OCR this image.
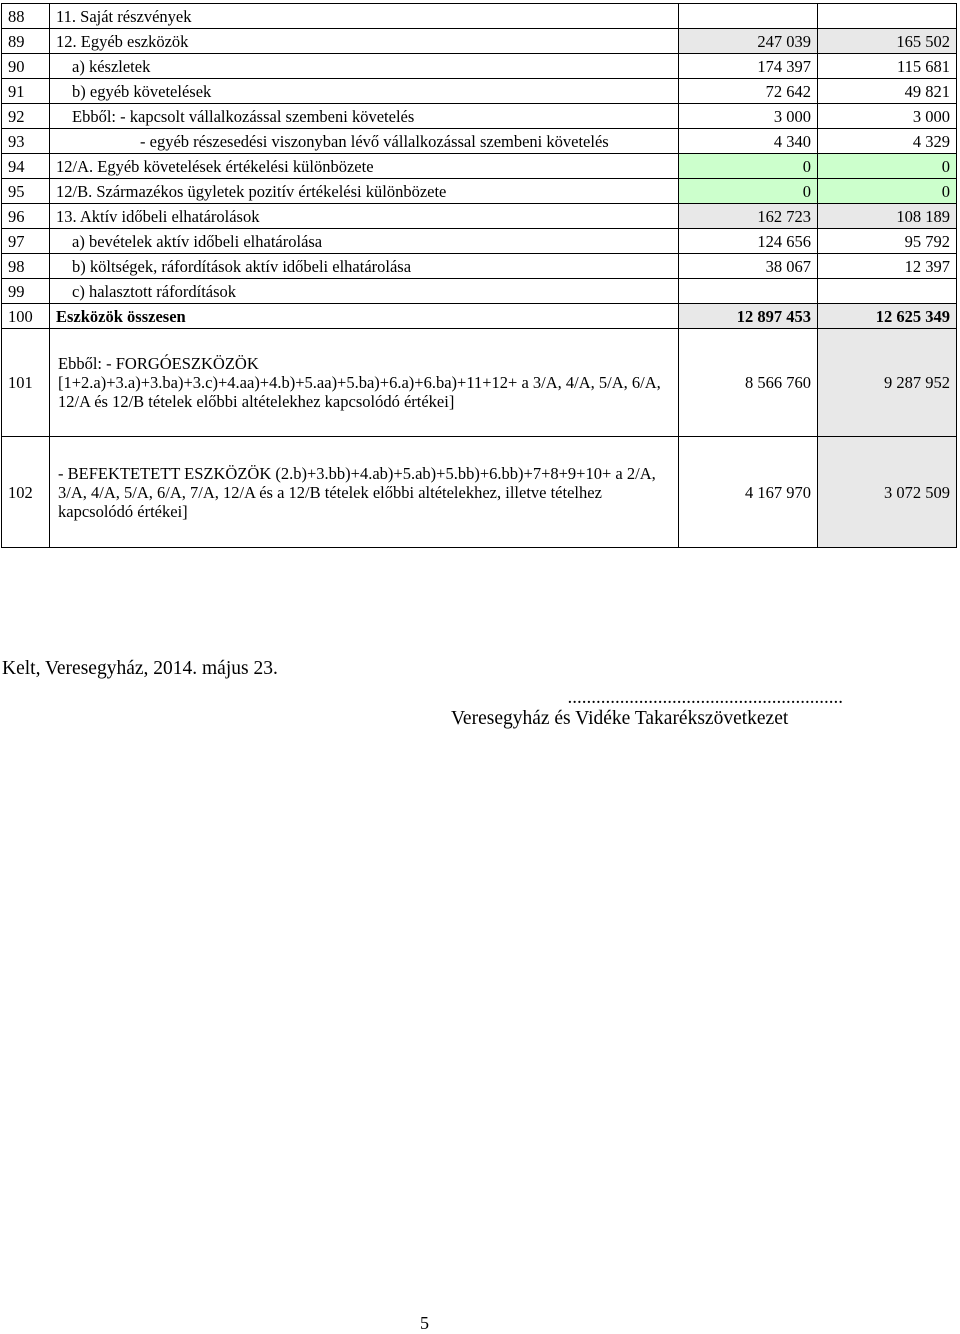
88	11. Saját részvények		
89	12. Egyéb eszközök	247 039	165 502
90	a) készletek	174 397	115 681
91	b) egyéb követelések	72 642	49 821
92	Ebből: - kapcsolt vállalkozással szembeni követelés	3 000	3 000
93	- egyéb részesedési viszonyban lévő vállalkozással szembeni követelés	4 340	4 329
94	12/A. Egyéb követelések értékelési különbözete	0	0
95	12/B. Származékos ügyletek pozitív értékelési különbözete	0	0
96	13. Aktív időbeli elhatárolások	162 723	108 189
97	a) bevételek aktív időbeli elhatárolása	124 656	95 792
98	b) költségek, ráfordítások aktív időbeli elhatárolása	38 067	12 397
99	c) halasztott ráfordítások		
100	Eszközök összesen	12 897 453	12 625 349
101	Ebből: - FORGÓESZKÖZÖK [1+2.a)+3.a)+3.ba)+3.c)+4.aa)+4.b)+5.aa)+5.ba)+6.a)+6.ba)+11+12+ a 3/A, 4/A, 5/A, 6/A, 12/A és 12/B tételek előbbi altételekhez kapcsolódó értékei]	8 566 760	9 287 952
102	- BEFEKTETETT ESZKÖZÖK (2.b)+3.bb)+4.ab)+5.ab)+5.bb)+6.bb)+7+8+9+10+ a 2/A, 3/A, 4/A, 5/A, 6/A, 7/A, 12/A és a 12/B tételek előbbi altételekhez, illetve tételhez kapcsolódó értékei]	4 167 970	3 072 509
Kelt, Veresegyház, 2014. május 23.
..........................................................
Veresegyház és Vidéke Takarékszövetkezet
5
